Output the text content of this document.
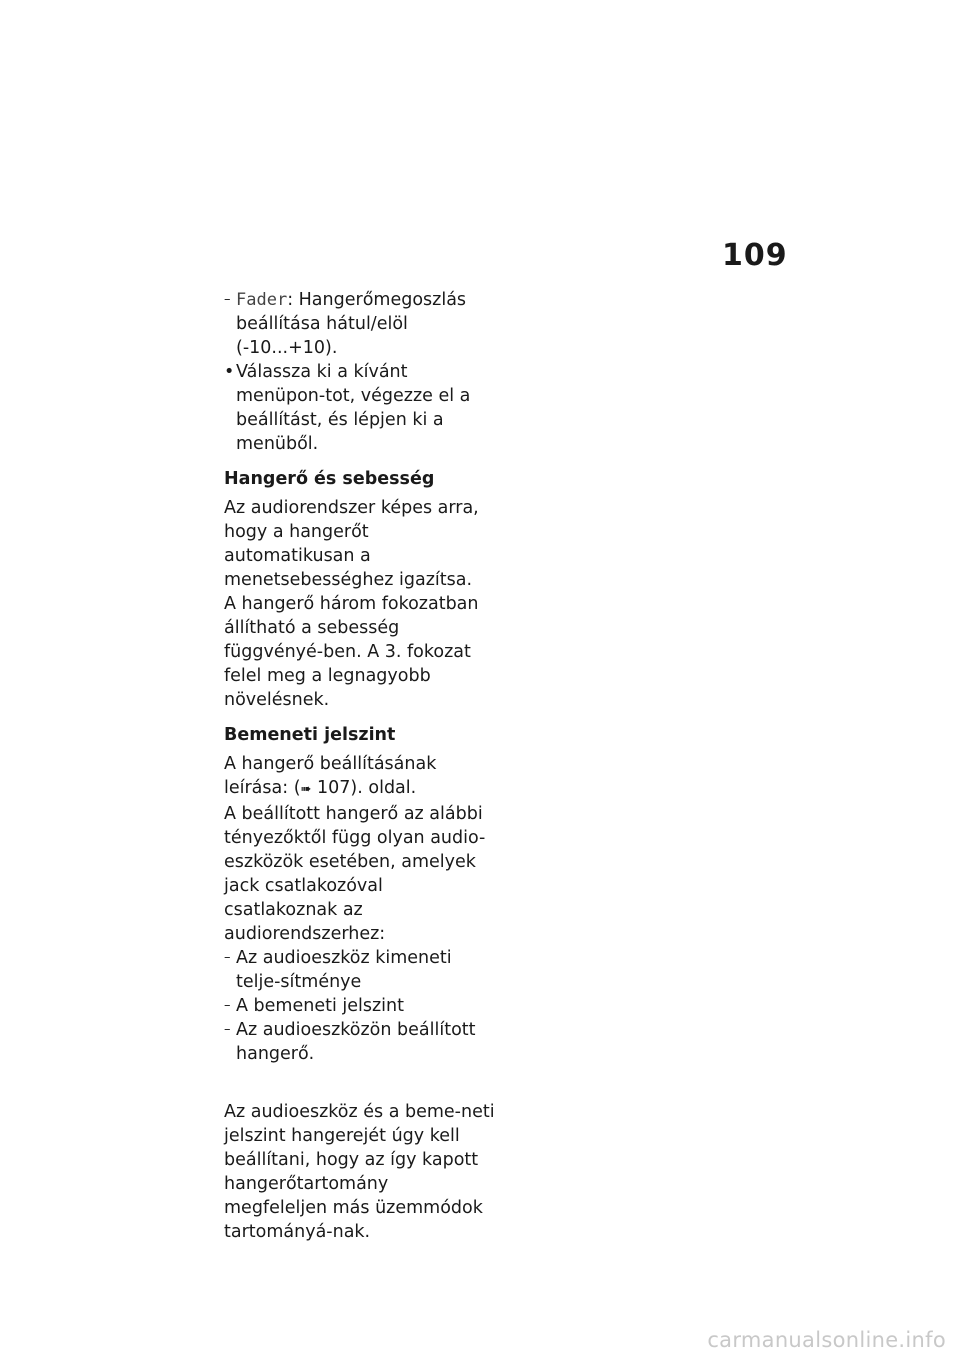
109

– Fader: Hangerőmegoszlás beállítása hátul/elöl (-10...+10).

• Válassza ki a kívánt menüpon-tot, végezze el a beállítást, és lépjen ki a menüből.

Hangerő és sebesség

Az audiorendszer képes arra, hogy a hangerőt automatikusan a menetsebességhez igazítsa.

A hangerő három fokozatban állítható a sebesség függvényé-ben. A 3. fokozat felel meg a legnagyobb növelésnek.

Bemeneti jelszint

A hangerő beállításának leírása: (➠ 107). oldal.

A beállított hangerő az alábbi tényezőktől függ olyan audio-eszközök esetében, amelyek jack csatlakozóval csatlakoznak az audiorendszerhez:

– Az audioeszköz kimeneti telje-sítménye

– A bemeneti jelszint

– Az audioeszközön beállított hangerő.

Az audioeszköz és a beme-neti jelszint hangerejét úgy kell beállítani, hogy az így kapott hangerőtartomány megfeleljen más üzemmódok tartományá-nak.

carmanualsonline.info
